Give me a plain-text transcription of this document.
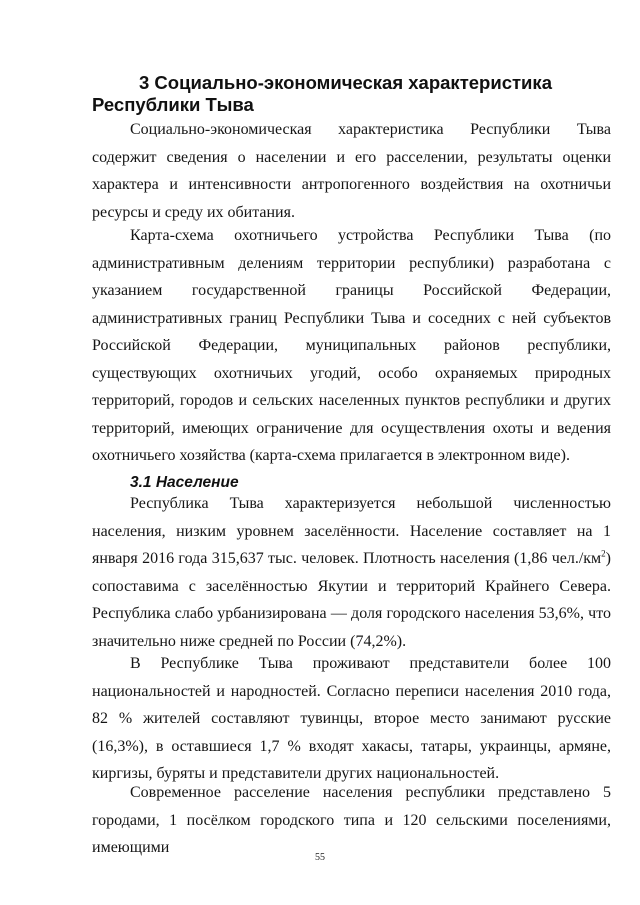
3 Социально-экономическая характеристика
Республики Тыва

Социально-экономическая характеристика Республики Тыва содержит сведения о населении и его расселении, результаты оценки характера и интенсивности антропогенного воздействия на охотничьи ресурсы и среду их обитания.

Карта-схема охотничьего устройства Республики Тыва (по административным делениям территории республики) разработана с указанием государственной границы Российской Федерации, административных границ Республики Тыва и соседних с ней субъектов Российской Федерации, муниципальных районов республики, существующих охотничьих угодий, особо охраняемых природных территорий, городов и сельских населенных пунктов республики и других территорий, имеющих ограничение для осуществления охоты и ведения охотничьего хозяйства (карта-схема прилагается в электронном виде).

3.1 Население

Республика Тыва характеризуется небольшой численностью населения, низким уровнем заселённости. Население составляет на 1 января 2016 года 315,637 тыс. человек. Плотность населения (1,86 $чел./км^2$) сопоставима с заселённостью Якутии и территорий Крайнего Севера. Республика слабо урбанизирована — доля городского населения 53,6%, что значительно ниже средней по России (74,2%).

В Республике Тыва проживают представители более 100 национальностей и народностей. Согласно переписи населения 2010 года, 82 % жителей составляют тувинцы, второе место занимают русские (16,3%), в оставшиеся 1,7 % входят хакасы, татары, украинцы, армяне, киргизы, буряты и представители других национальностей.

Современное расселение населения республики представлено 5 городами, 1 посёлком городского типа и 120 сельскими поселениями, имеющими

55
